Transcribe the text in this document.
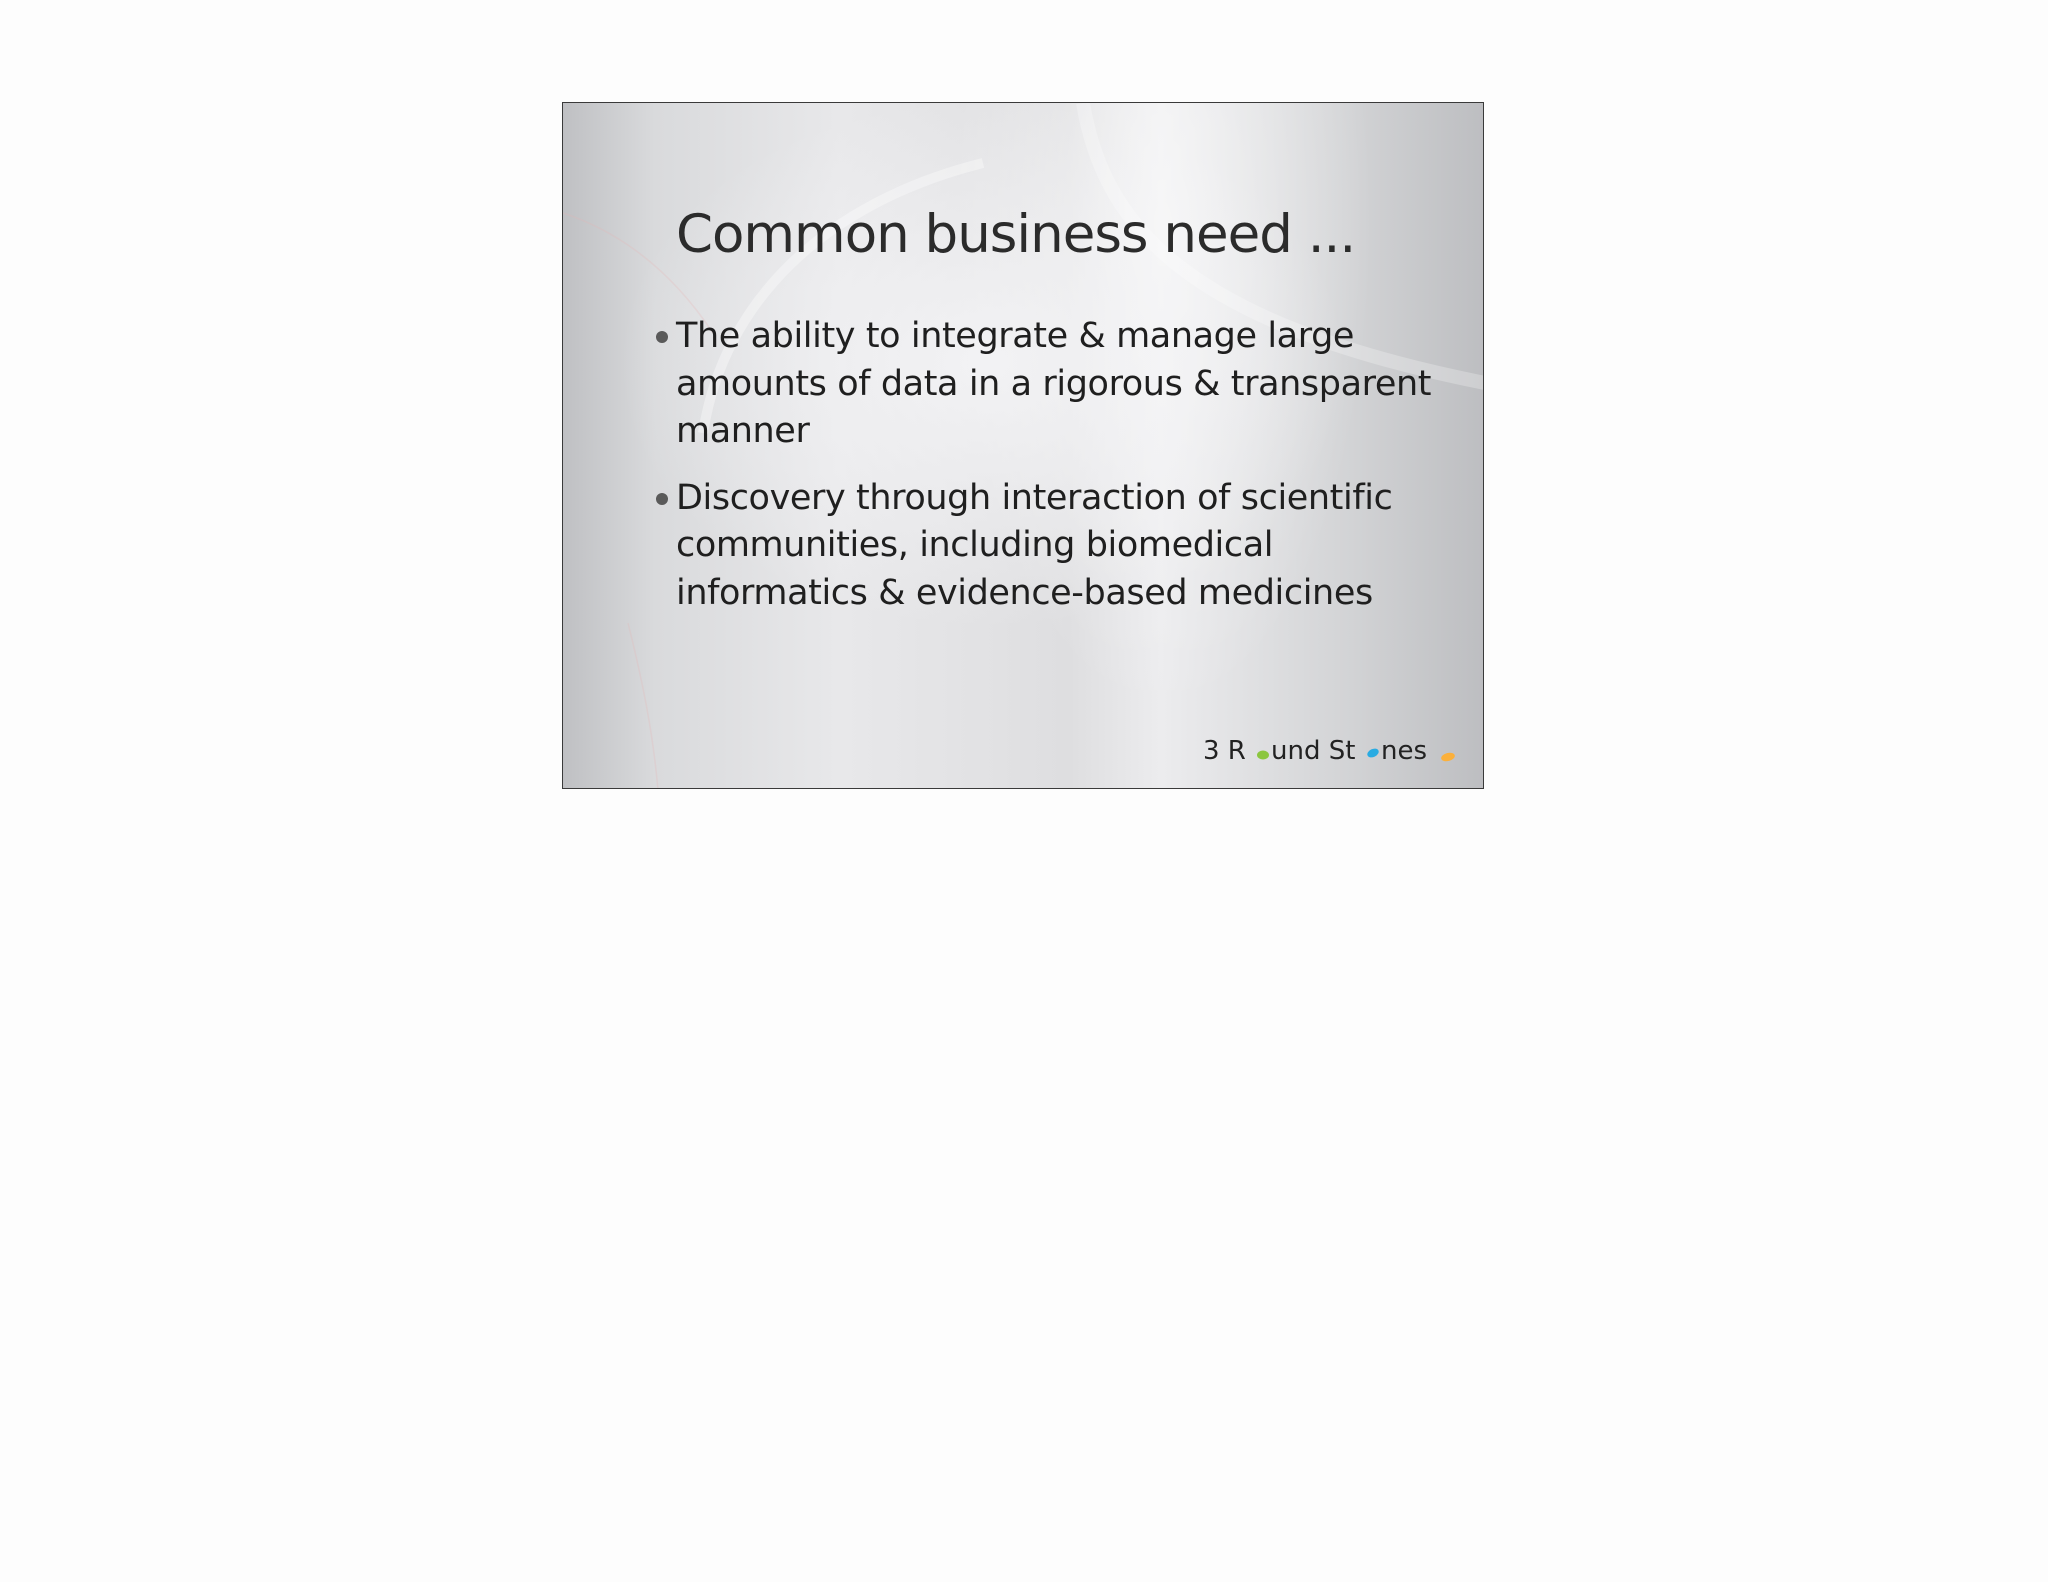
Common business need ...
The ability to integrate & manage large
amounts of data in a rigorous & transparent
manner
Discovery through interaction of scientific
communities, including biomedical
informatics & evidence-based medicines
3 R und St nes
